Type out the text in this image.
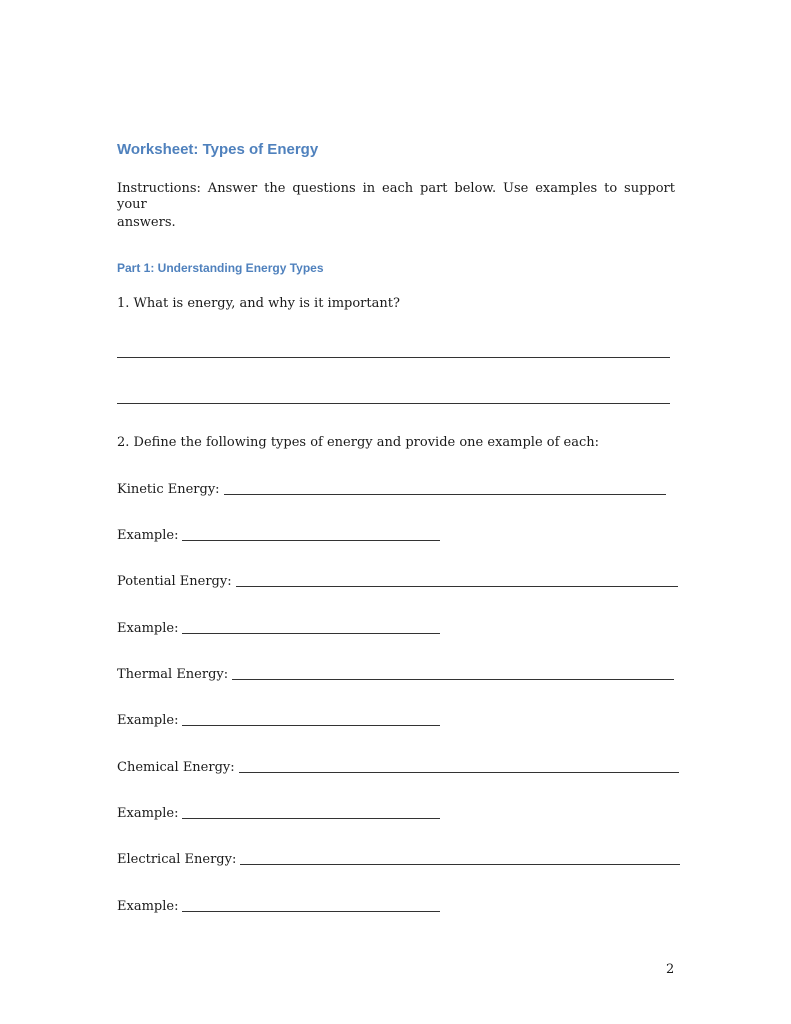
Worksheet: Types of Energy
Instructions: Answer the questions in each part below. Use examples to support your
answers.
Part 1: Understanding Energy Types
1. What is energy, and why is it important?
2. Define the following types of energy and provide one example of each:
Kinetic Energy:
Example:
Potential Energy:
Example:
Thermal Energy:
Example:
Chemical Energy:
Example:
Electrical Energy:
Example:
2
